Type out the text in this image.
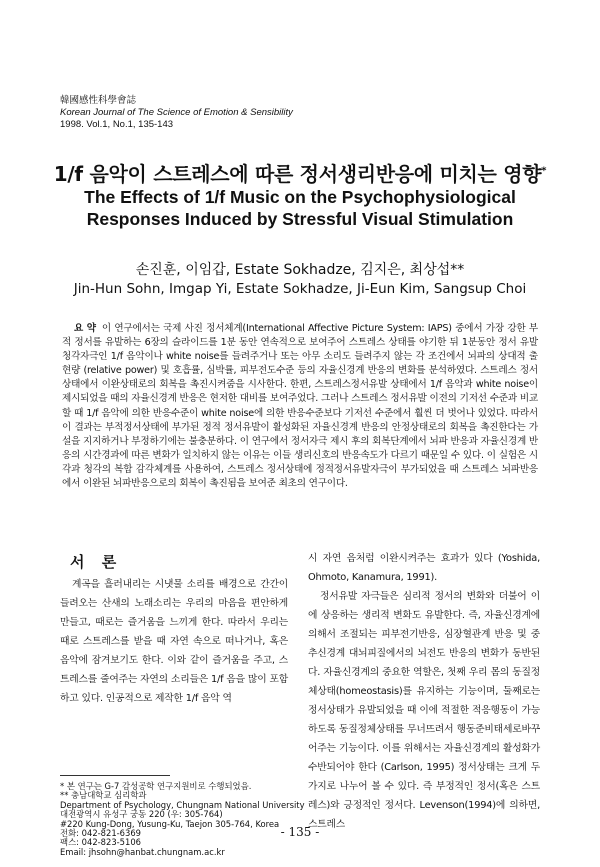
韓國感性科學會誌
Korean Journal of The Science of Emotion & Sensibility
1998. Vol.1, No.1, 135-143
1/f 음악이 스트레스에 따른 정서생리반응에 미치는 영향*
The Effects of 1/f Music on the Psychophysiological
Responses Induced by Stressful Visual Stimulation
손진훈, 이임갑, Estate Sokhadze, 김지은, 최상섭**
Jin-Hun Sohn, Imgap Yi, Estate Sokhadze, Ji-Eun Kim, Sangsup Choi
요 약 이 연구에서는 국제 사진 정서체계(International Affective Picture System: IAPS) 중에서 가장 강한 부적 정서를 유발하는 6장의 슬라이드를 1분 동안 연속적으로 보여주어 스트레스 상태를 야기한 뒤 1분동안 정서 유발 청각자극인 1/f 음악이나 white noise를 들려주거나 또는 아무 소리도 들려주지 않는 각 조건에서 뇌파의 상대적 출현량 (relative power) 및 호흡률, 심박률, 피부전도수준 등의 자율신경계 반응의 변화를 분석하였다. 스트레스 정서 상태에서 이완상태로의 회복을 촉진시켜줌을 시사한다. 한편, 스트레스정서유발 상태에서 1/f 음악과 white noise이 제시되었을 때의 자율신경계 반응은 현저한 대비를 보여주었다. 그러나 스트레스 정서유발 이전의 기저선 수준과 비교할 때 1/f 음악에 의한 반응수준이 white noise에 의한 반응수준보다 기저선 수준에서 훨씬 더 벗어나 있었다. 따라서 이 결과는 부적정서상태에 부가된 정적 정서유발이 활성화된 자율신경계 반응의 안정상태로의 회복을 촉진한다는 가설을 지지하거나 부정하기에는 불충분하다. 이 연구에서 정서자극 제시 후의 회복단계에서 뇌파 반응과 자율신경계 반응의 시간경과에 따른 변화가 일치하지 않는 이유는 이들 생리신호의 반응속도가 다르기 때문일 수 있다. 이 실험은 시각과 청각의 복합 감각체계를 사용하여, 스트레스 정서상태에 정적정서유발자극이 부가되었을 때 스트레스 뇌파반응에서 이완된 뇌파반응으로의 회복이 촉진됨을 보여준 최초의 연구이다.
서 론

계곡을 흘러내리는 시냇물 소리를 배경으로 간간이 들려오는 산새의 노래소리는 우리의 마음을 편안하게 만들고, 때로는 즐거움을 느끼게 한다. 따라서 우리는 때로 스트레스를 받을 때 자연 속으로 떠나거나, 혹은 음악에 잠겨보기도 한다. 이와 같이 즐거움을 주고, 스트레스를 줄여주는 자연의 소리들은 1/f 음을 많이 포함하고 있다. 인공적으로 제작한 1/f 음악 역

시 자연 음처럼 이완시켜주는 효과가 있다 (Yoshida, Ohmoto, Kanamura, 1991).

정서유발 자극들은 심리적 정서의 변화와 더불어 이에 상응하는 생리적 변화도 유발한다. 즉, 자율신경계에 의해서 조절되는 피부전기반응, 심장혈관계 반응 및 중추신경계 대뇌피질에서의 뇌전도 반응의 변화가 동반된다. 자율신경계의 중요한 역할은, 첫째 우리 몸의 동질정체상태(homeostasis)를 유지하는 기능이며, 둘째로는 정서상태가 유발되었을 때 이에 적절한 적응행동이 가능하도록 동질정체상태를 무너뜨려서 행동준비태세로바꾸어주는 기능이다. 이를 위해서는 자율신경계의 활성화가 수반되어야 한다 (Carlson, 1995) 정서상태는 크게 두 가지로 나누어 볼 수 있다. 즉 부정적인 정서(혹은 스트레스)와 긍정적인 정서다. Levenson(1994)에 의하면, 스트레스

* 본 연구는 G-7 감성공학 연구지원비로 수행되었음.
** 충남대학교 심리학과
Department of Psychology, Chungnam National University
대전광역시 유성구 궁동 220 (우: 305-764)
#220 Kung-Dong, Yusung-Ku, Taejon 305-764, Korea
전화: 042-821-6369
팩스: 042-823-5106
Email: jhsohn@hanbat.chungnam.ac.kr
- 135 -
